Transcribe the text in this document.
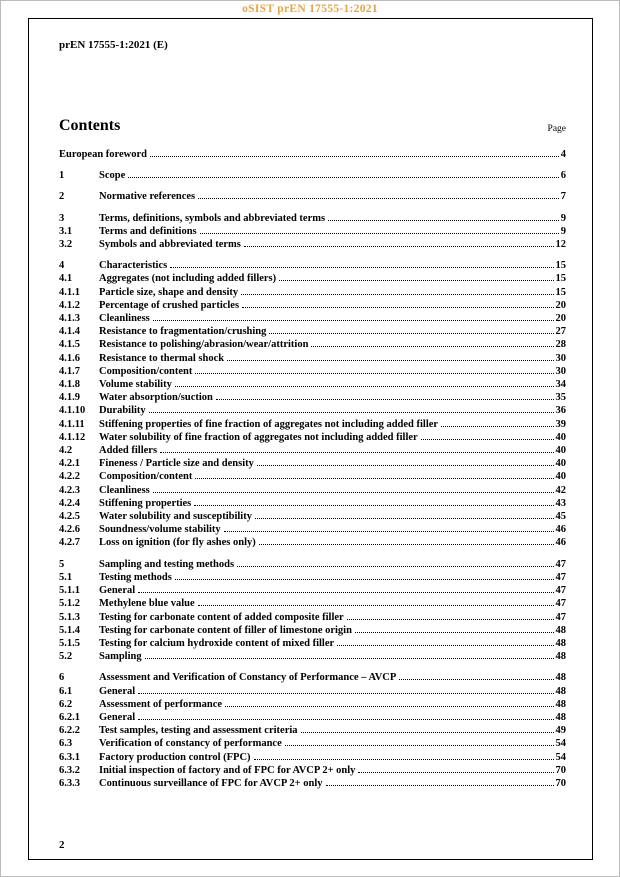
oSIST prEN 17555-1:2021
prEN 17555-1:2021 (E)
Contents	Page
European foreword	4
1	Scope	6
2	Normative references	7
3	Terms, definitions, symbols and abbreviated terms	9
3.1	Terms and definitions	9
3.2	Symbols and abbreviated terms	12
4	Characteristics	15
4.1	Aggregates (not including added fillers)	15
4.1.1	Particle size, shape and density	15
4.1.2	Percentage of crushed particles	20
4.1.3	Cleanliness	20
4.1.4	Resistance to fragmentation/crushing	27
4.1.5	Resistance to polishing/abrasion/wear/attrition	28
4.1.6	Resistance to thermal shock	30
4.1.7	Composition/content	30
4.1.8	Volume stability	34
4.1.9	Water absorption/suction	35
4.1.10	Durability	36
4.1.11	Stiffening properties of fine fraction of aggregates not including added filler	39
4.1.12	Water solubility of fine fraction of aggregates not including added filler	40
4.2	Added fillers	40
4.2.1	Fineness / Particle size and density	40
4.2.2	Composition/content	40
4.2.3	Cleanliness	42
4.2.4	Stiffening properties	43
4.2.5	Water solubility and susceptibility	45
4.2.6	Soundness/volume stability	46
4.2.7	Loss on ignition (for fly ashes only)	46
5	Sampling and testing methods	47
5.1	Testing methods	47
5.1.1	General	47
5.1.2	Methylene blue value	47
5.1.3	Testing for carbonate content of added composite filler	47
5.1.4	Testing for carbonate content of filler of limestone origin	48
5.1.5	Testing for calcium hydroxide content of mixed filler	48
5.2	Sampling	48
6	Assessment and Verification of Constancy of Performance – AVCP	48
6.1	General	48
6.2	Assessment of performance	48
6.2.1	General	48
6.2.2	Test samples, testing and assessment criteria	49
6.3	Verification of constancy of performance	54
6.3.1	Factory production control (FPC)	54
6.3.2	Initial inspection of factory and of FPC for AVCP 2+ only	70
6.3.3	Continuous surveillance of FPC for AVCP 2+ only	70
2
